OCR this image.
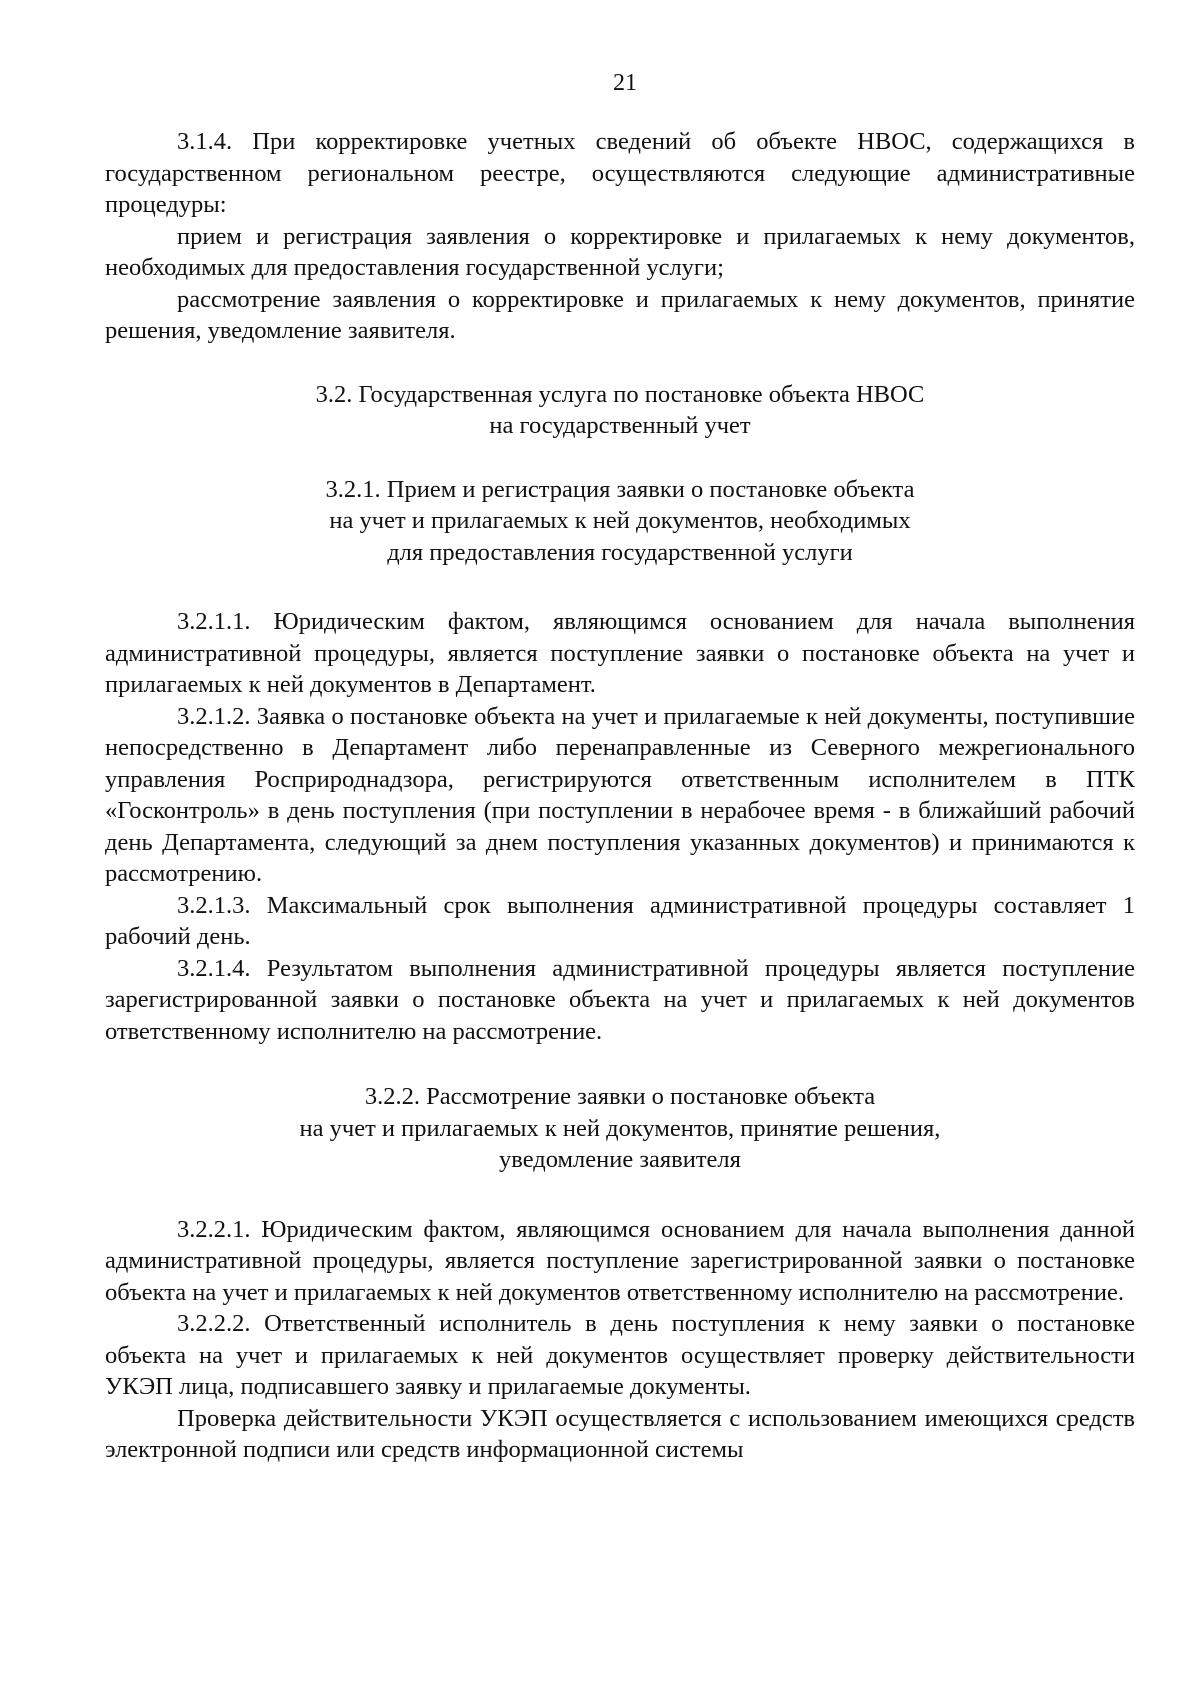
21

3.1.4. При корректировке учетных сведений об объекте НВОС, содержащихся в государственном региональном реестре, осуществляются следующие административные процедуры:

прием и регистрация заявления о корректировке и прилагаемых к нему документов, необходимых для предоставления государственной услуги;

рассмотрение заявления о корректировке и прилагаемых к нему документов, принятие решения, уведомление заявителя.

3.2. Государственная услуга по постановке объекта НВОС
на государственный учет
3.2.1. Прием и регистрация заявки о постановке объекта
на учет и прилагаемых к ней документов, необходимых
для предоставления государственной услуги

3.2.1.1. Юридическим фактом, являющимся основанием для начала выполнения административной процедуры, является поступление заявки о постановке объекта на учет и прилагаемых к ней документов в Департамент.

3.2.1.2. Заявка о постановке объекта на учет и прилагаемые к ней документы, поступившие непосредственно в Департамент либо перенаправленные из Северного межрегионального управления Росприроднадзора, регистрируются ответственным исполнителем в ПТК «Госконтроль» в день поступления (при поступлении в нерабочее время - в ближайший рабочий день Департамента, следующий за днем поступления указанных документов) и принимаются к рассмотрению.

3.2.1.3. Максимальный срок выполнения административной процедуры составляет 1 рабочий день.

3.2.1.4. Результатом выполнения административной процедуры является поступление зарегистрированной заявки о постановке объекта на учет и прилагаемых к ней документов ответственному исполнителю на рассмотрение.

3.2.2. Рассмотрение заявки о постановке объекта
на учет и прилагаемых к ней документов, принятие решения,
уведомление заявителя

3.2.2.1. Юридическим фактом, являющимся основанием для начала выполнения данной административной процедуры, является поступление зарегистрированной заявки о постановке объекта на учет и прилагаемых к ней документов ответственному исполнителю на рассмотрение.

3.2.2.2. Ответственный исполнитель в день поступления к нему заявки о постановке объекта на учет и прилагаемых к ней документов осуществляет проверку действительности УКЭП лица, подписавшего заявку и прилагаемые документы.

Проверка действительности УКЭП осуществляется с использованием имеющихся средств электронной подписи или средств информационной системы
